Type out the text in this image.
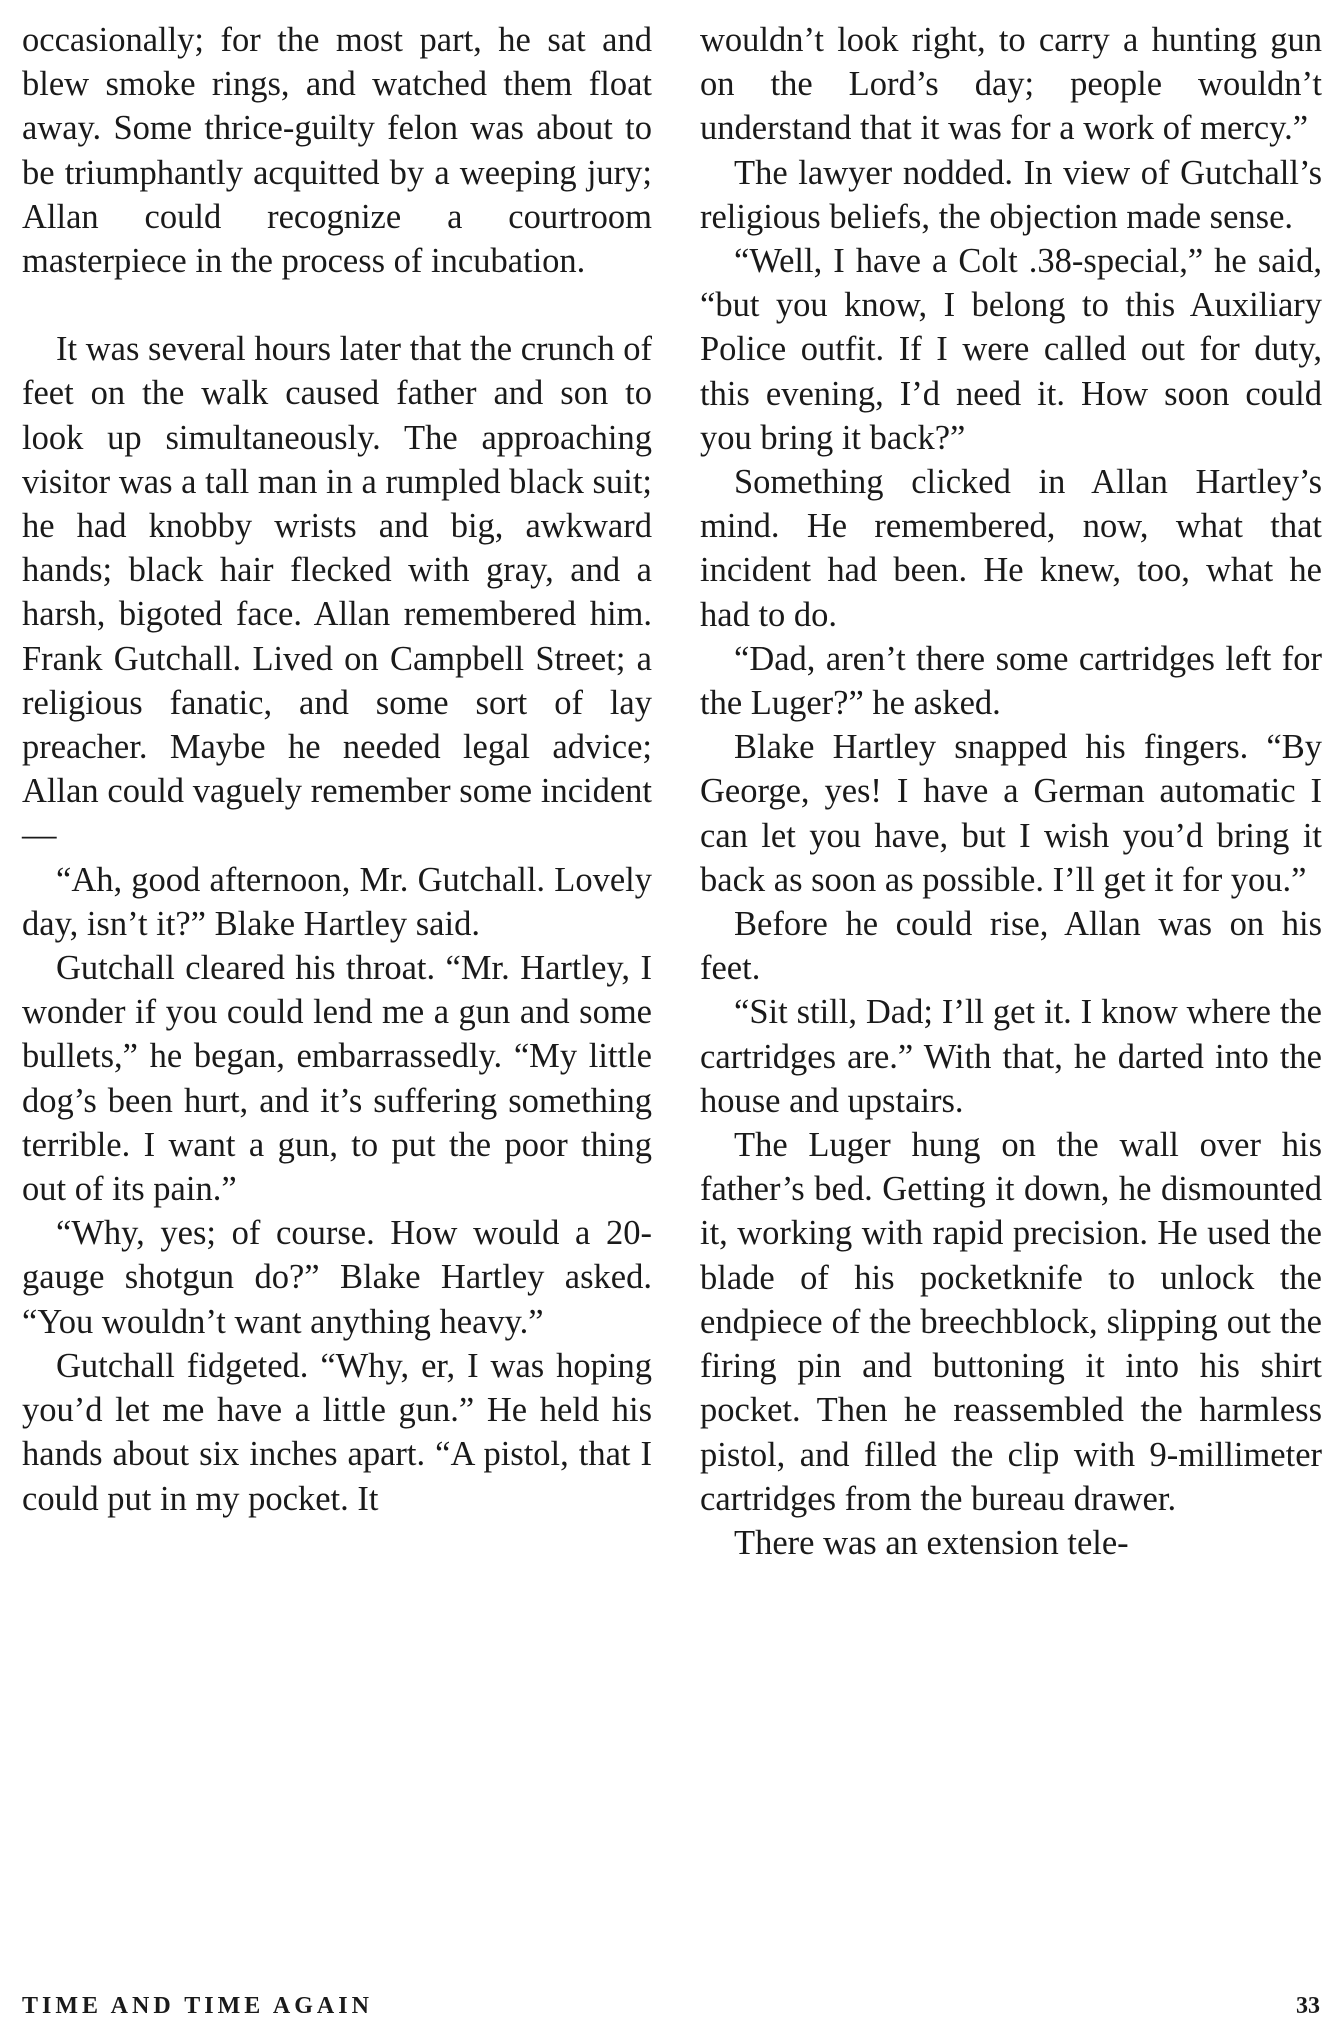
occasionally; for the most part, he sat and blew smoke rings, and watched them float away. Some thrice-guilty felon was about to be triumphantly acquitted by a weeping jury; Allan could recognize a courtroom masterpiece in the process of incubation.

It was several hours later that the crunch of feet on the walk caused father and son to look up simultaneously. The approaching visitor was a tall man in a rumpled black suit; he had knobby wrists and big, awkward hands; black hair flecked with gray, and a harsh, bigoted face. Allan remembered him. Frank Gutchall. Lived on Campbell Street; a religious fanatic, and some sort of lay preacher. Maybe he needed legal advice; Allan could vaguely remember some incident—

“Ah, good afternoon, Mr. Gutchall. Lovely day, isn’t it?” Blake Hartley said.

Gutchall cleared his throat. “Mr. Hartley, I wonder if you could lend me a gun and some bullets,” he began, embarrassedly. “My little dog’s been hurt, and it’s suffering something terrible. I want a gun, to put the poor thing out of its pain.”

“Why, yes; of course. How would a 20-gauge shotgun do?” Blake Hartley asked. “You wouldn’t want anything heavy.”

Gutchall fidgeted. “Why, er, I was hoping you’d let me have a little gun.” He held his hands about six inches apart. “A pistol, that I could put in my pocket. It

wouldn’t look right, to carry a hunting gun on the Lord’s day; people wouldn’t understand that it was for a work of mercy.”

The lawyer nodded. In view of Gutchall’s religious beliefs, the objection made sense.

“Well, I have a Colt .38-special,” he said, “but you know, I belong to this Auxiliary Police outfit. If I were called out for duty, this evening, I’d need it. How soon could you bring it back?”

Something clicked in Allan Hartley’s mind. He remembered, now, what that incident had been. He knew, too, what he had to do.

“Dad, aren’t there some cartridges left for the Luger?” he asked.

Blake Hartley snapped his fingers. “By George, yes! I have a German automatic I can let you have, but I wish you’d bring it back as soon as possible. I’ll get it for you.”

Before he could rise, Allan was on his feet.

“Sit still, Dad; I’ll get it. I know where the cartridges are.” With that, he darted into the house and upstairs.

The Luger hung on the wall over his father’s bed. Getting it down, he dismounted it, working with rapid precision. He used the blade of his pocketknife to unlock the endpiece of the breechblock, slipping out the firing pin and buttoning it into his shirt pocket. Then he reassembled the harmless pistol, and filled the clip with 9-millimeter cartridges from the bureau drawer.

There was an extension tele-

TIME AND TIME AGAIN	33
